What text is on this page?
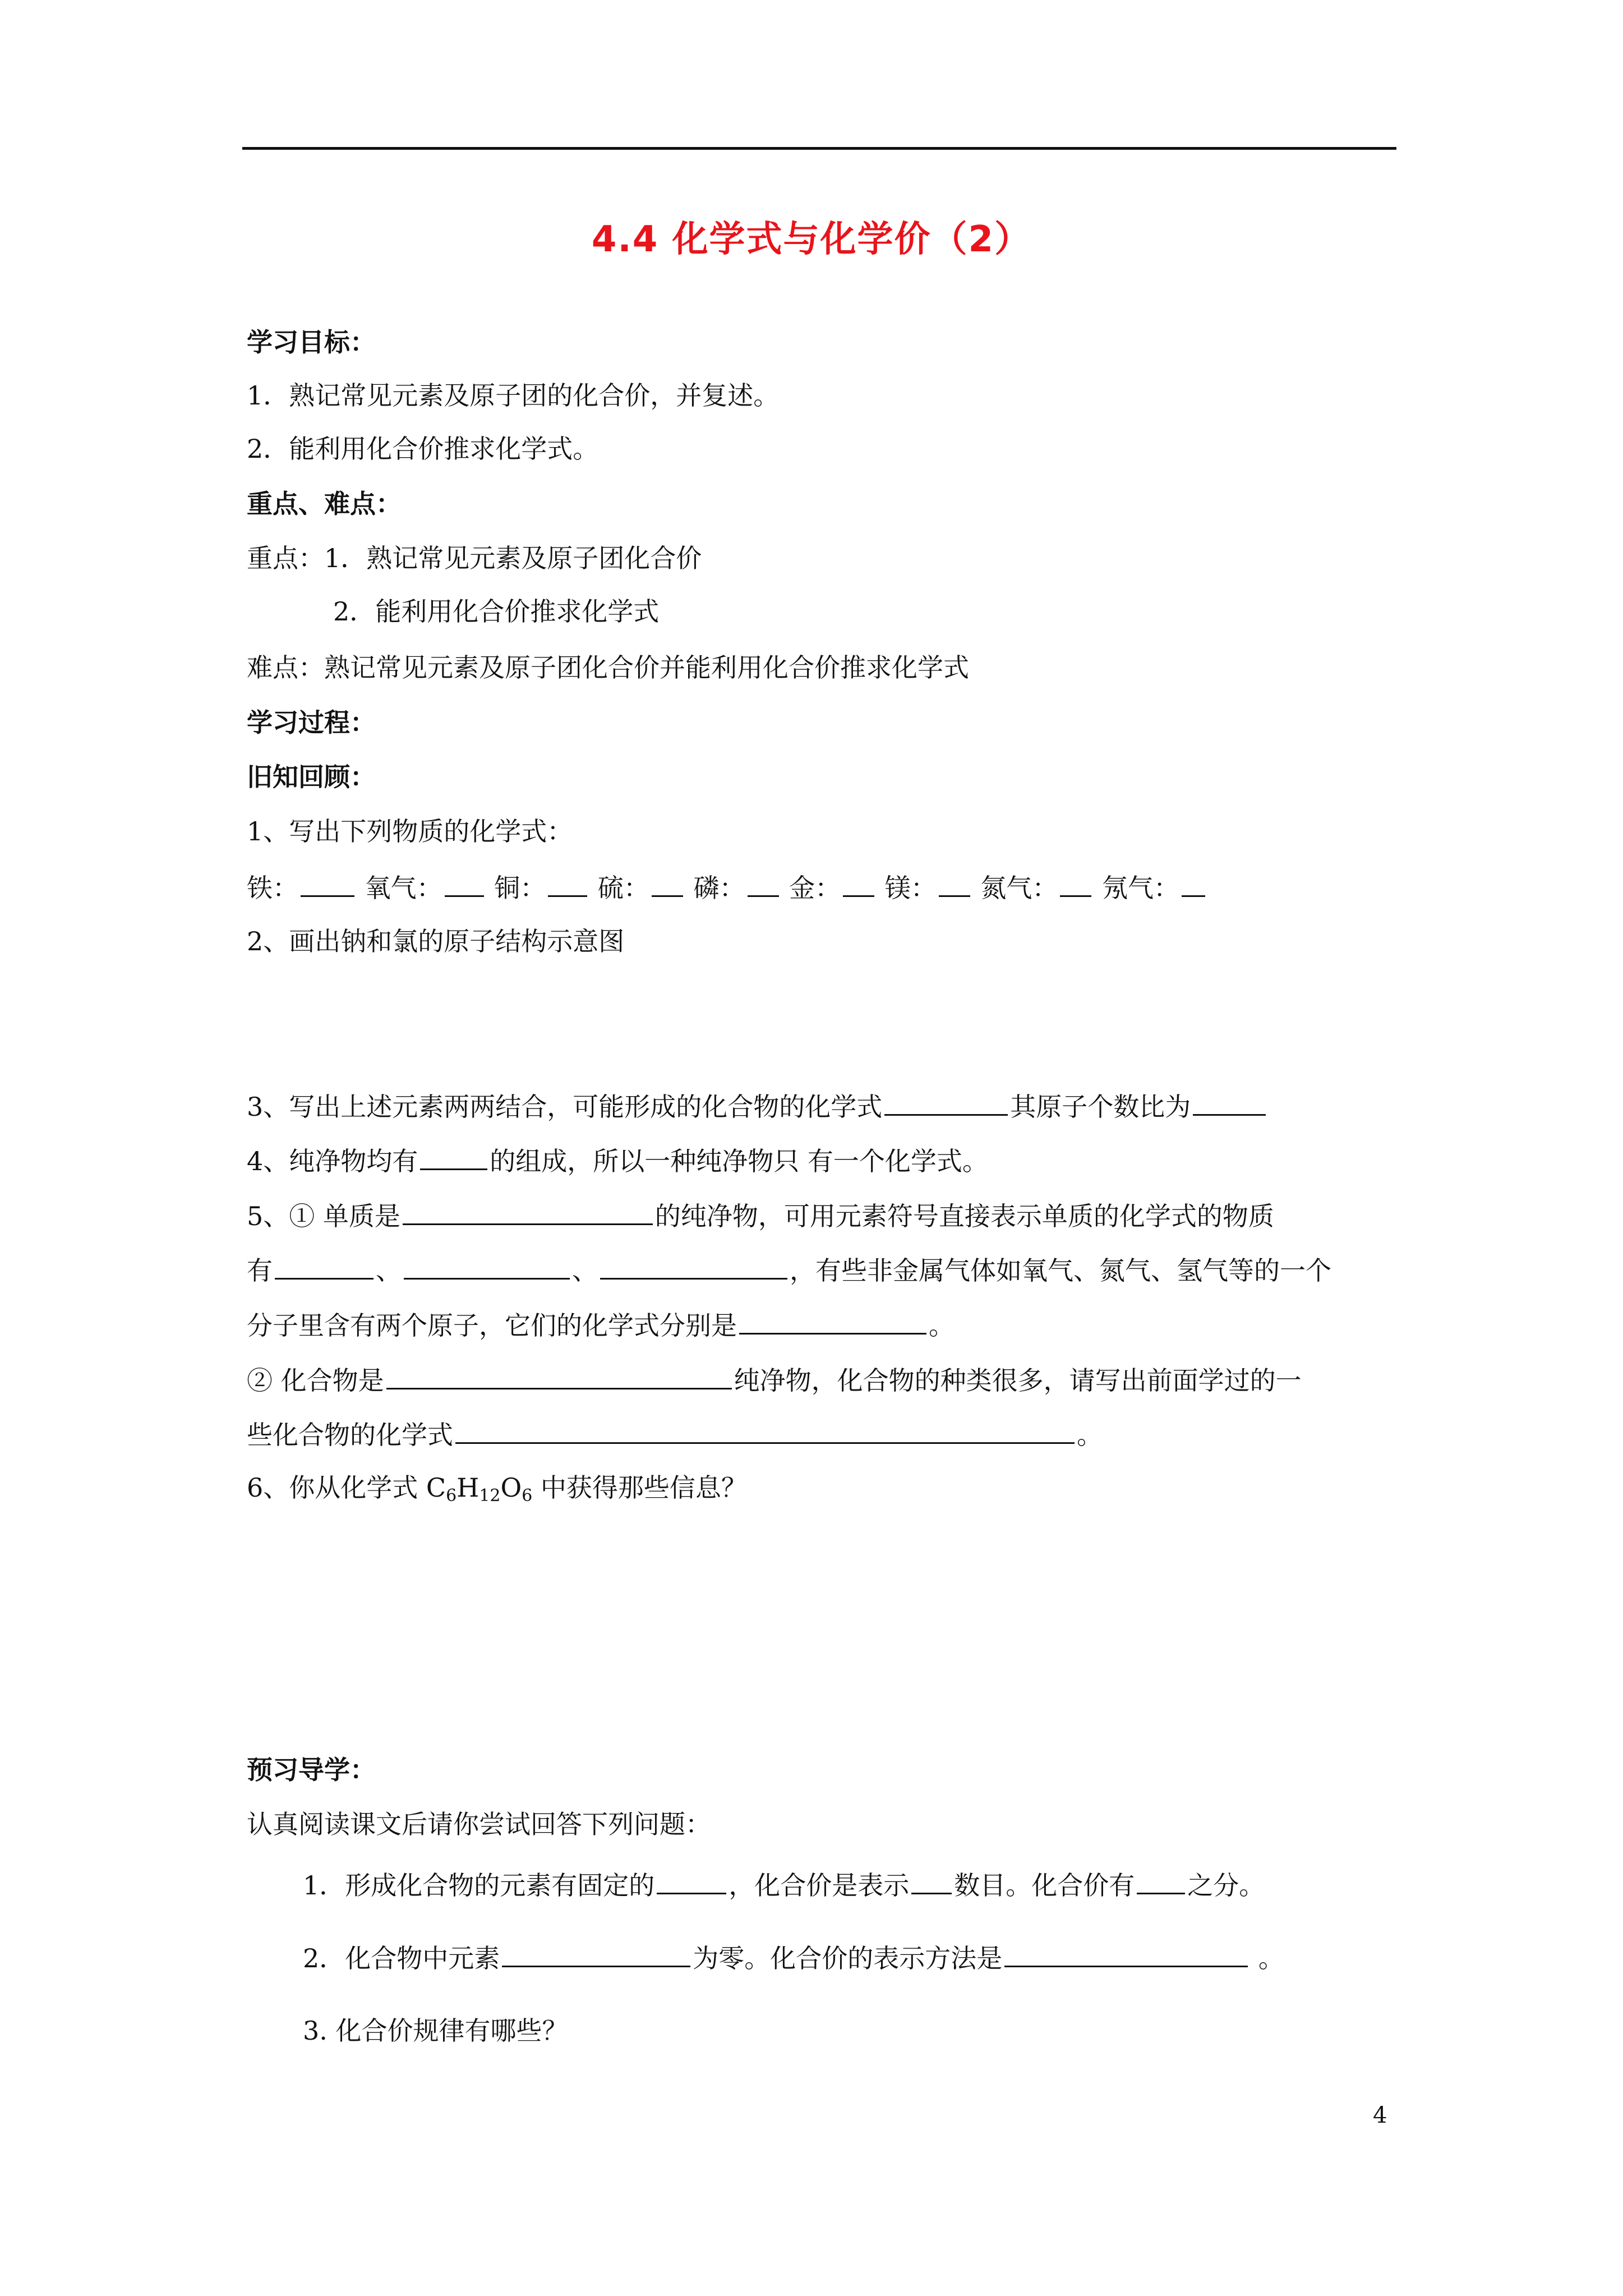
4.4 化学式与化学价（2）
学习目标：
1．熟记常见元素及原子团的化合价，并复述。
2．能利用化合价推求化学式。
重点、难点：
重点：1．熟记常见元素及原子团化合价
2．能利用化合价推求化学式
难点：熟记常见元素及原子团化合价并能利用化合价推求化学式
学习过程：
旧知回顾：
1、写出下列物质的化学式：
铁：	氧气： 铜： 硫： 磷： 金： 镁： 氮气： 氖气：
2、画出钠和氯的原子结构示意图
3、写出上述元素两两结合，可能形成的化合物的化学式	其原子个数比为
4、纯净物均有	的组成，所以一种纯净物只 有一个化学式。
5、① 单质是	的纯净物，可用元素符号直接表示单质的化学式的物质
有	、	、	，有些非金属气体如氧气、氮气、氢气等的一个
分子里含有两个原子，它们的化学式分别是	。
② 化合物是	纯净物，化合物的种类很多，请写出前面学过的一
些化合物的化学式	。
6、你从化学式 $C_6H_{12}O_6$ 中获得那些信息？
预习导学：
认真阅读课文后请你尝试回答下列问题：
1．形成化合物的元素有固定的	，化合价是表示 数目。化合价有 之分。
2．化合物中元素	为零。化合价的表示方法是	。
3. 化合价规律有哪些？
4
